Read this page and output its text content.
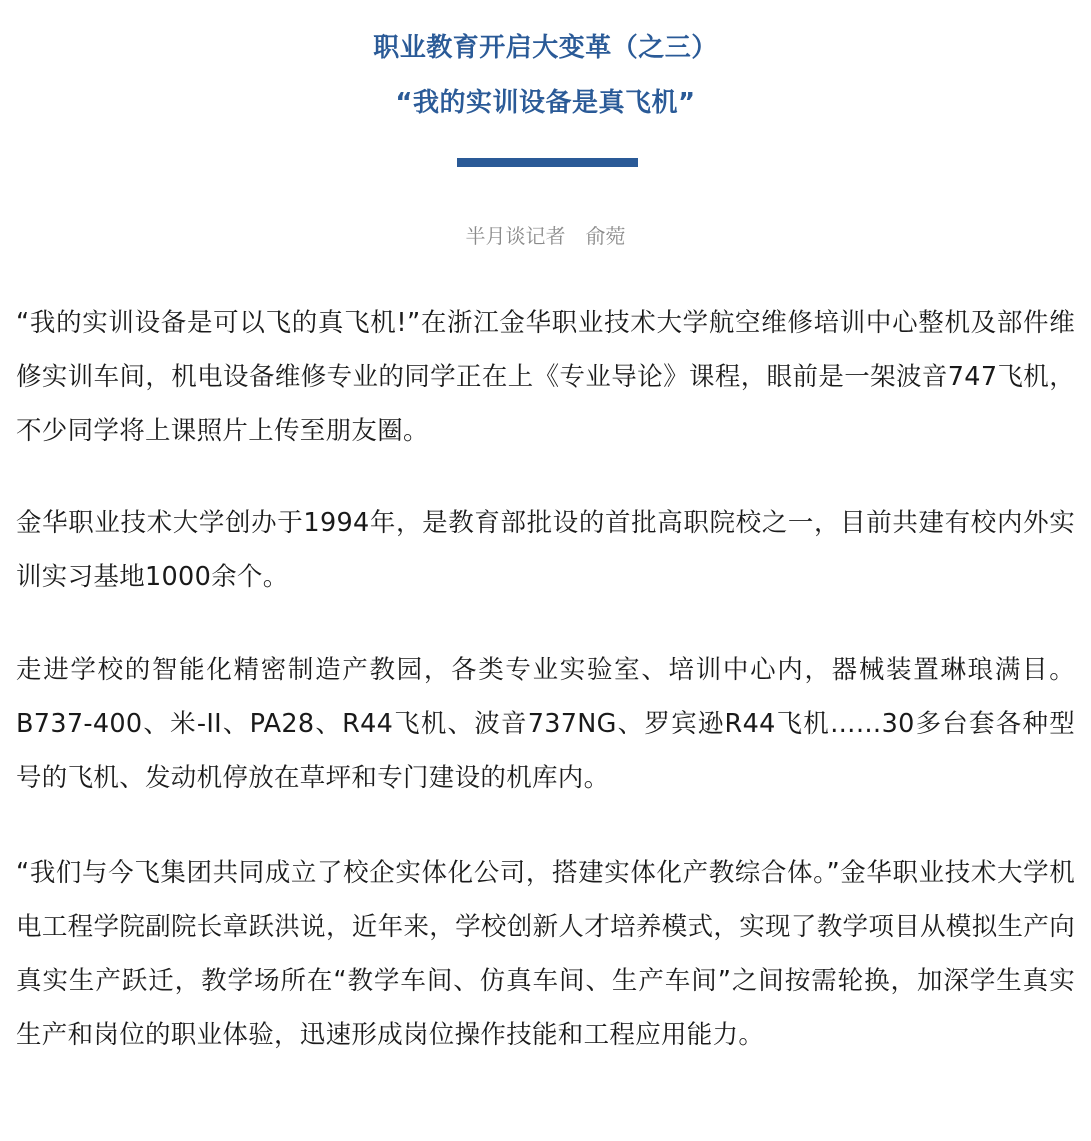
职业教育开启大变革（之三）
“我的实训设备是真飞机”
半月谈记者　俞菀

“我的实训设备是可以飞的真飞机!”在浙江金华职业技术大学航空维修培训中心整机及部件维修实训车间，机电设备维修专业的同学正在上《专业导论》课程，眼前是一架波音747飞机，不少同学将上课照片上传至朋友圈。

金华职业技术大学创办于1994年，是教育部批设的首批高职院校之一，目前共建有校内外实训实习基地1000余个。

走进学校的智能化精密制造产教园，各类专业实验室、培训中心内，器械装置琳琅满目。B737-400、米-II、PA28、R44飞机、波音737NG、罗宾逊R44飞机……30多台套各种型号的飞机、发动机停放在草坪和专门建设的机库内。

“我们与今飞集团共同成立了校企实体化公司，搭建实体化产教综合体。”金华职业技术大学机电工程学院副院长章跃洪说，近年来，学校创新人才培养模式，实现了教学项目从模拟生产向真实生产跃迁，教学场所在“教学车间、仿真车间、生产车间”之间按需轮换，加深学生真实生产和岗位的职业体验，迅速形成岗位操作技能和工程应用能力。
